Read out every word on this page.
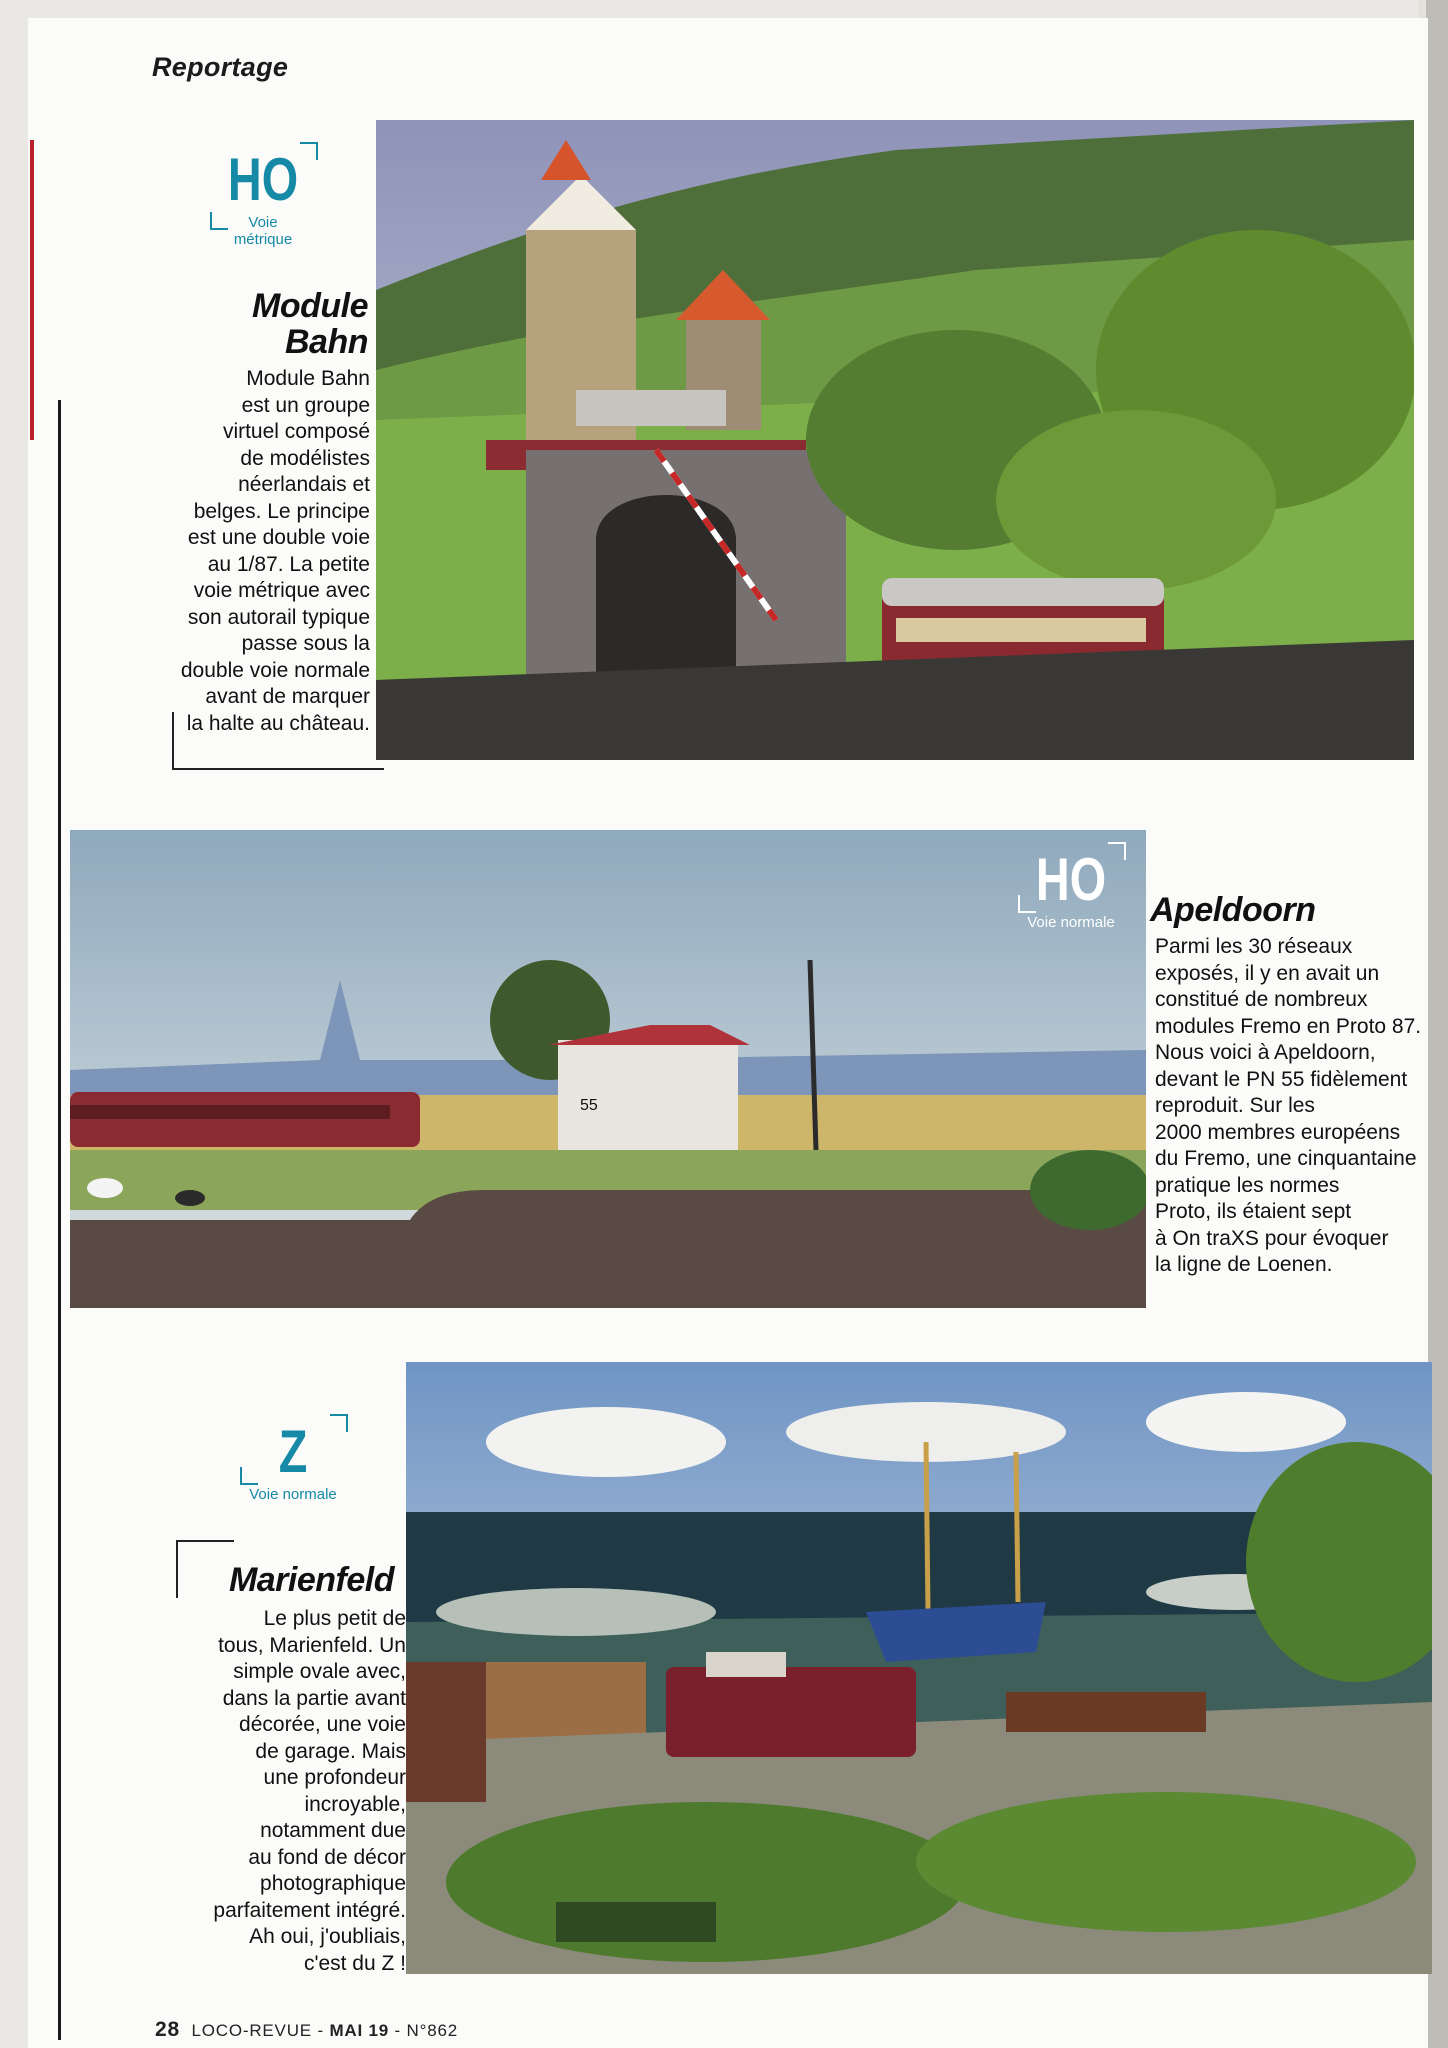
Reportage
HO
Voie métrique
Module
Bahn
Module Bahn
est un groupe
virtuel composé
de modélistes
néerlandais et
belges. Le principe
est une double voie
au 1/87. La petite
voie métrique avec
son autorail typique
passe sous la
double voie normale
avant de marquer
la halte au château.
55
HO
Voie normale Apeldoorn
Parmi les 30 réseaux
exposés, il y en avait un
constitué de nombreux
modules Fremo en Proto 87.
Nous voici à Apeldoorn,
devant le PN 55 fidèlement
reproduit. Sur les
2000 membres européens
du Fremo, une cinquantaine
pratique les normes
Proto, ils étaient sept
à On traXS pour évoquer
la ligne de Loenen.
Z
Voie normale
Marienfeld
Le plus petit de
tous, Marienfeld. Un
simple ovale avec,
dans la partie avant
décorée, une voie
de garage. Mais
une profondeur
incroyable,
notamment due
au fond de décor
photographique
parfaitement intégré.
Ah oui, j'oubliais,
c'est du Z !
28 LOCO-REVUE - MAI 19 - N°862
